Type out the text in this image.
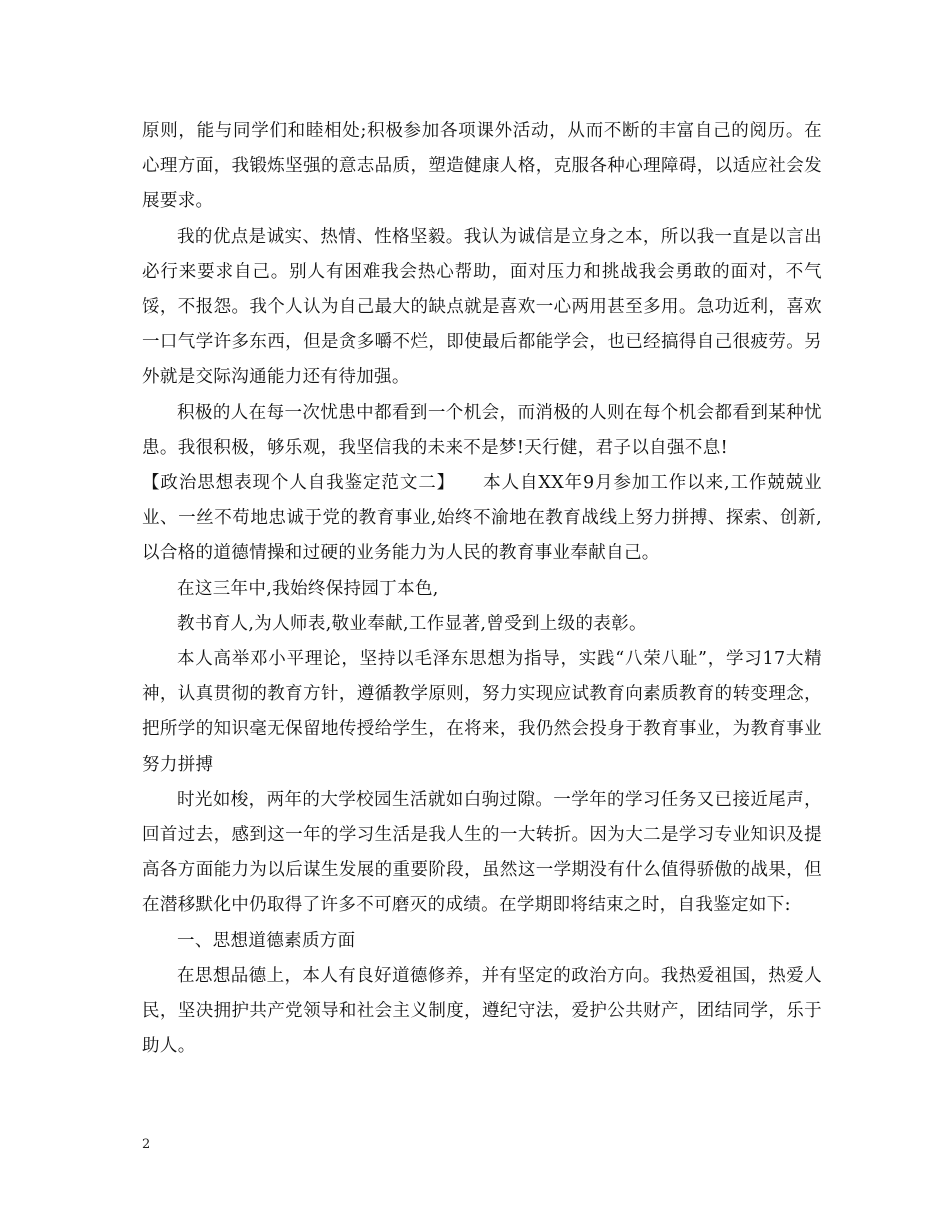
原则，能与同学们和睦相处;积极参加各项课外活动，从而不断的丰富自己的阅历。在心理方面，我锻炼坚强的意志品质，塑造健康人格，克服各种心理障碍，以适应社会发展要求。

我的优点是诚实、热情、性格坚毅。我认为诚信是立身之本，所以我一直是以言出必行来要求自己。别人有困难我会热心帮助，面对压力和挑战我会勇敢的面对，不气馁，不报怨。我个人认为自己最大的缺点就是喜欢一心两用甚至多用。急功近利，喜欢一口气学许多东西，但是贪多嚼不烂，即使最后都能学会，也已经搞得自己很疲劳。另外就是交际沟通能力还有待加强。

积极的人在每一次忧患中都看到一个机会，而消极的人则在每个机会都看到某种忧患。我很积极，够乐观，我坚信我的未来不是梦!天行健，君子以自强不息!

【政治思想表现个人自我鉴定范文二】　　本人自XX年9月参加工作以来,工作兢兢业业、一丝不苟地忠诚于党的教育事业,始终不渝地在教育战线上努力拼搏、探索、创新,以合格的道德情操和过硬的业务能力为人民的教育事业奉献自己。

在这三年中,我始终保持园丁本色,

教书育人,为人师表,敬业奉献,工作显著,曾受到上级的表彰。

本人高举邓小平理论，坚持以毛泽东思想为指导，实践“八荣八耻”，学习17大精神，认真贯彻的教育方针，遵循教学原则，努力实现应试教育向素质教育的转变理念，把所学的知识毫无保留地传授给学生，在将来，我仍然会投身于教育事业，为教育事业努力拼搏

时光如梭，两年的大学校园生活就如白驹过隙。一学年的学习任务又已接近尾声，回首过去，感到这一年的学习生活是我人生的一大转折。因为大二是学习专业知识及提高各方面能力为以后谋生发展的重要阶段，虽然这一学期没有什么值得骄傲的战果，但在潜移默化中仍取得了许多不可磨灭的成绩。在学期即将结束之时，自我鉴定如下:

一、思想道德素质方面

在思想品德上，本人有良好道德修养，并有坚定的政治方向。我热爱祖国，热爱人民，坚决拥护共产党领导和社会主义制度，遵纪守法，爱护公共财产，团结同学，乐于助人。

2
